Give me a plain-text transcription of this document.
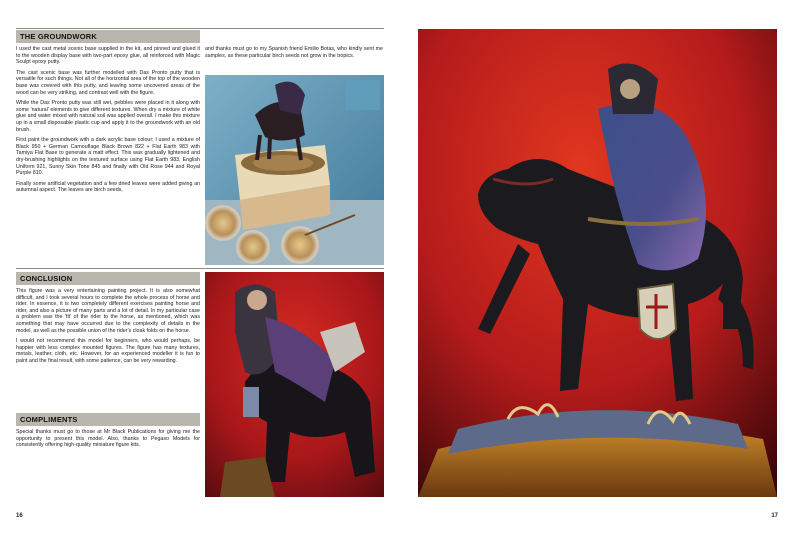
THE GROUNDWORK

I used the cast metal scenic base supplied in the kit, and pinned and glued it to the wooden display base with two-part epoxy glue, all reinforced with Magic Sculpt epoxy putty.

The cast scenic base was further modelled with Das Pronto putty that is versatile for such things. Not all of the horizontal area of the top of the wooden base was covered with this putty, and leaving some uncovered areas of the wood can be very striking, and contrast well with the figure.

While the Das Pronto putty was still wet, pebbles were placed in it along with some 'natural' elements to give different textures. When dry a mixture of white glue and water mixed with natural soil was applied overall. I make this mixture up in a small disposable plastic cup and apply it to the groundwork with an old brush.

First paint the groundwork with a dark acrylic base colour; I used a mixture of Black 950 + German Camouflage Black Brown 822 + Flat Earth 983 with Tamiya Flat Base to generate a matt effect. This was gradually lightened and dry-brushing highlights on the textured surface using Flat Earth 983, English Uniform 921, Sunny Skin Tone 845 and finally with Old Rose 944 and Royal Purple 810.

Finally some artificial vegetation and a few dried leaves were added giving an autumnal aspect. The leaves are birch seeds,

and thanks must go to my Spanish friend Emilio Botas, who kindly sent me samples, as these particular birch seeds not grow in the tropics.
CONCLUSION

This figure was a very entertaining painting project. It is also somewhat difficult, and I took several hours to complete the whole process of horse and rider. In essence, it is two completely different exercises painting horse and rider, and also a picture of many parts and a lot of detail. In my particular case a problem was the 'fit' of the rider to the horse, as mentioned, which was something that may have occurred due to the complexity of details in the model, as well as the possible union of the rider's cloak folds on the horse.

I would not recommend this model for beginners, who would perhaps, be happier with less complex mounted figures. The figure has many textures, metals, leather, cloth, etc. However, for an experienced modeller it is fun to paint and the final result, with some patience, can be very rewarding.

COMPLIMENTS

Special thanks must go to those at Mr Black Publications for giving me the opportunity to present this model. Also, thanks to Pegaso Models for consistently offering high-quality miniature figure kits.

16	17
